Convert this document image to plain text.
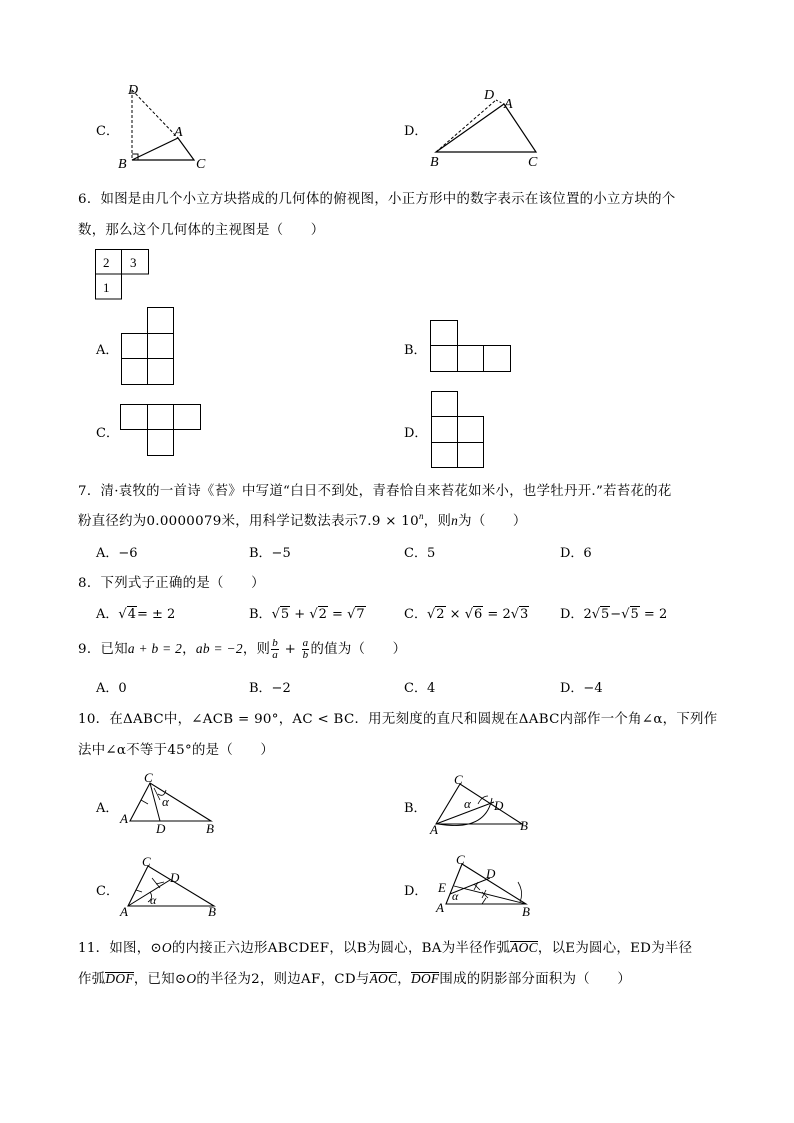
C．
D
A
B	C
D．
D
A
B	C
6．如图是由几个小立方块搭成的几何体的俯视图，小正方形中的数字表示在该位置的小立方块的个
数，那么这个几何体的主视图是（　　）
2 3
1
A．	B．
C．	D．
7．清·袁牧的一首诗《苔》中写道“白日不到处，青春恰自来苔花如米小，也学牡丹开.”若苔花的花
粉直径约为0.0000079米，用科学记数法表示$7.9 \times 10^n$，则n为（　　）
A．−6	B．−5	C．5	D．6
8．下列式子正确的是（　　）
A．√4= ± 2	B．√5 + √2 = √7	C．√2 × √6 = 2√3 D．2√5−√5 = 2
9．已知a + b = 2，ab = −2，则 $\frac{b}{a} + \frac{a}{b}$ 的值为（　　）
A．0	B．−2	C．4	D．−4
10．在ΔABC中，∠ACB = 90°，AC < BC．用无刻度的直尺和圆规在ΔABC内部作一个角∠α，下列作
法中∠α不等于45°的是（　　）
A．
C
A
D	B
α	B．
C
D
A	B
α
C．
C
D
A	B
α
D．
C
D
E
A	B
α
11．如图，⊙O的内接正六边形ABCDEF，以B为圆心，BA为半径作弧AOC，以E为圆心，ED为半径
作弧DOF，已知⊙O的半径为2，则边AF，CD与AOC，DOF围成的阴影部分面积为（　　）
